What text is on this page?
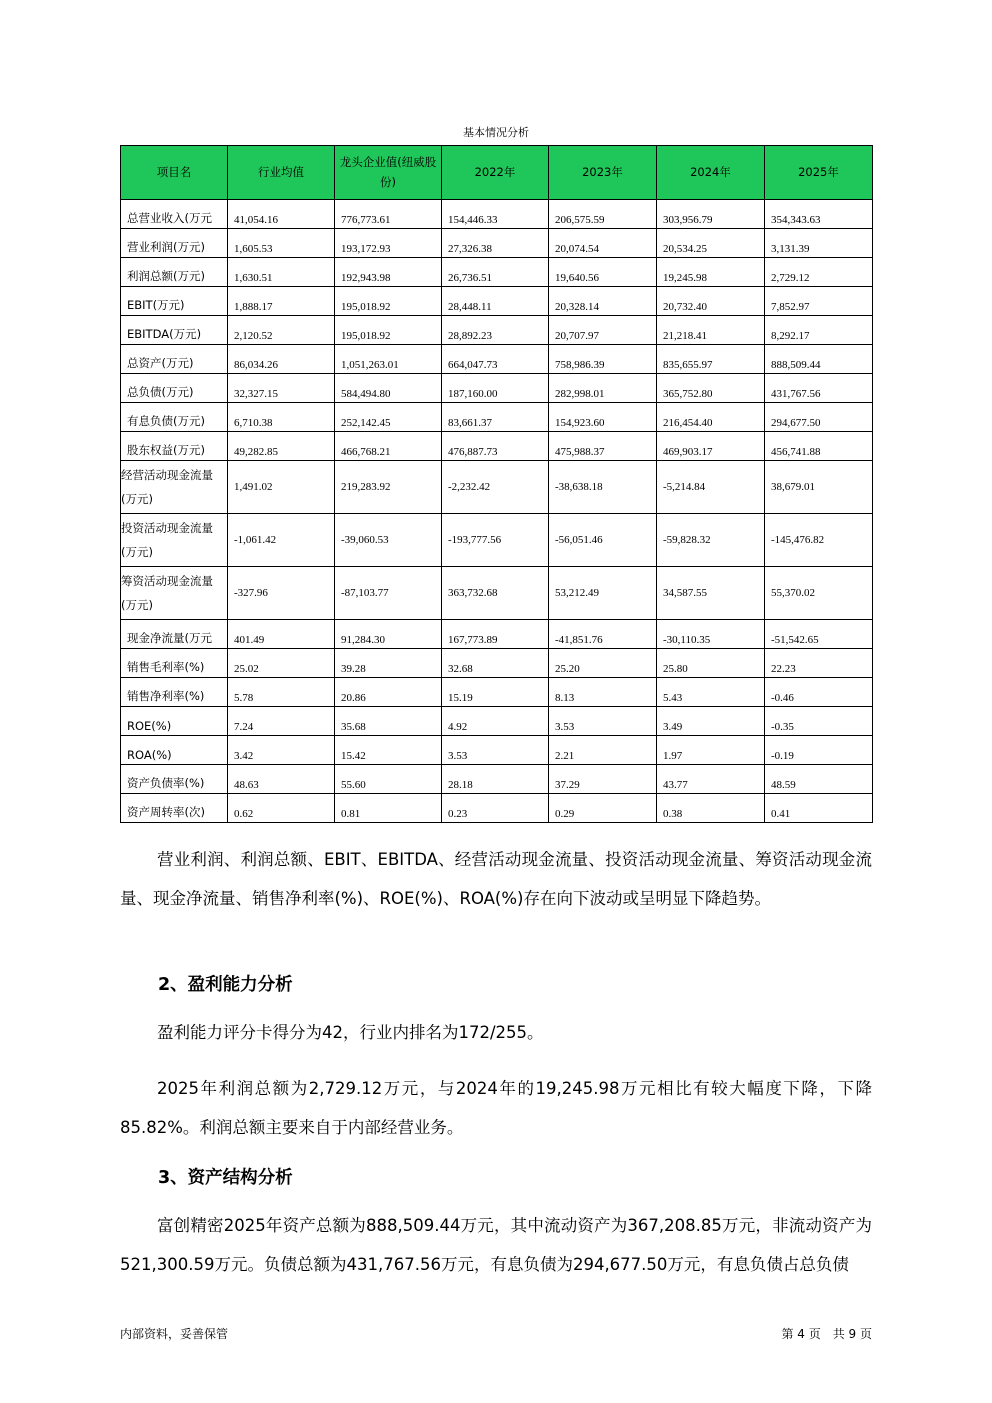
基本情况分析
项目名	行业均值	龙头企业值(纽威股份)	2022年	2023年	2024年	2025年
总营业收入(万元	41,054.16	776,773.61	154,446.33	206,575.59	303,956.79	354,343.63
营业利润(万元)	1,605.53	193,172.93	27,326.38	20,074.54	20,534.25	3,131.39
利润总额(万元)	1,630.51	192,943.98	26,736.51	19,640.56	19,245.98	2,729.12
EBIT(万元)	1,888.17	195,018.92	28,448.11	20,328.14	20,732.40	7,852.97
EBITDA(万元)	2,120.52	195,018.92	28,892.23	20,707.97	21,218.41	8,292.17
总资产(万元)	86,034.26	1,051,263.01	664,047.73	758,986.39	835,655.97	888,509.44
总负债(万元)	32,327.15	584,494.80	187,160.00	282,998.01	365,752.80	431,767.56
有息负债(万元)	6,710.38	252,142.45	83,661.37	154,923.60	216,454.40	294,677.50
股东权益(万元)	49,282.85	466,768.21	476,887.73	475,988.37	469,903.17	456,741.88
经营活动现金流量(万元)	1,491.02	219,283.92	-2,232.42	-38,638.18	-5,214.84	38,679.01
投资活动现金流量(万元)	-1,061.42	-39,060.53	-193,777.56	-56,051.46	-59,828.32	-145,476.82
筹资活动现金流量(万元)	-327.96	-87,103.77	363,732.68	53,212.49	34,587.55	55,370.02
现金净流量(万元	401.49	91,284.30	167,773.89	-41,851.76	-30,110.35	-51,542.65
销售毛利率(%)	25.02	39.28	32.68	25.20	25.80	22.23
销售净利率(%)	5.78	20.86	15.19	8.13	5.43	-0.46
ROE(%)	7.24	35.68	4.92	3.53	3.49	-0.35
ROA(%)	3.42	15.42	3.53	2.21	1.97	-0.19
资产负债率(%)	48.63	55.60	28.18	37.29	43.77	48.59
资产周转率(次)	0.62	0.81	0.23	0.29	0.38	0.41
营业利润、利润总额、EBIT、EBITDA、经营活动现金流量、投资活动现金流量、筹资活动现金流量、现金净流量、销售净利率(%)、ROE(%)、ROA(%)存在向下波动或呈明显下降趋势。
2、盈利能力分析
盈利能力评分卡得分为42，行业内排名为172/255。
2025年利润总额为2,729.12万元，与2024年的19,245.98万元相比有较大幅度下降，下降85.82%。利润总额主要来自于内部经营业务。
3、资产结构分析
富创精密2025年资产总额为888,509.44万元，其中流动资产为367,208.85万元，非流动资产为521,300.59万元。负债总额为431,767.56万元，有息负债为294,677.50万元，有息负债占总负债
内部资料，妥善保管	第 4 页　共 9 页
